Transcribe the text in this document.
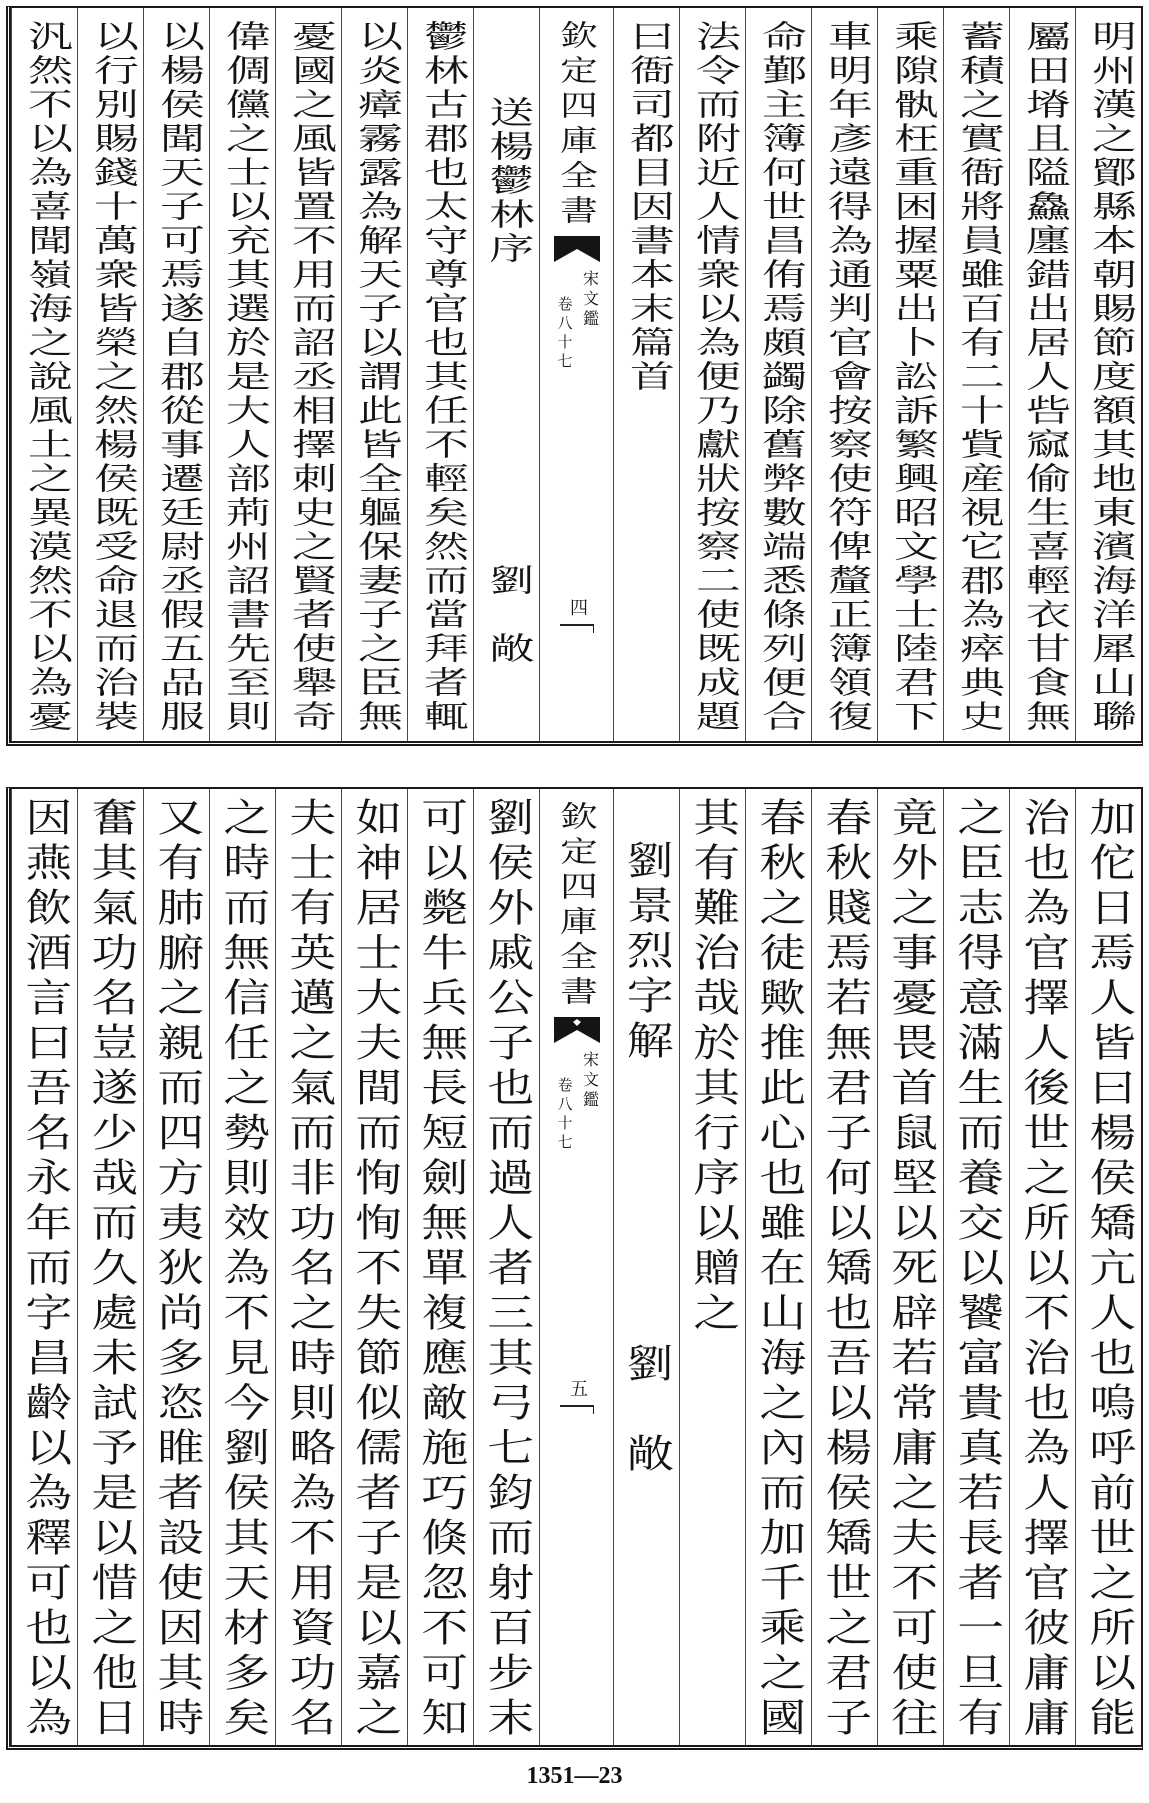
明州漢之鄮縣本朝賜節度額其地東濱海洋犀山聯
屬田塉且隘鱻廛錯出居人呰窳偷生喜輕衣甘食無
蓄積之實衙將員雖百有二十貲産視它郡為瘁典史
乘隙骫枉重困握粟出卜訟訴繁興昭文學士陸君下
車明年彥遠得為通判官會按察使符俾釐正簿領復
命鄞主簿何世昌侑焉頗蠲除舊弊數端悉條列便合
法令而附近人情衆以為便乃獻狀按察二使既成題
曰衙司都目因書本末篇首
欽定四庫全書
宋文鑑
卷八十七
四
送楊鬱林序
劉　敞
鬱林古郡也太守尊官也其任不輕矣然而當拜者輒
以炎瘴霧露為解天子以謂此皆全軀保妻子之臣無
憂國之風皆置不用而詔丞相擇刺史之賢者使舉奇
偉倜儻之士以充其選於是大人部荊州詔書先至則
以楊侯聞天子可焉遂自郡從事遷廷尉丞假五品服
以行別賜錢十萬衆皆榮之然楊侯既受命退而治裝
汎然不以為喜聞嶺海之說風土之異漠然不以為憂
加佗日焉人皆曰楊侯矯亢人也嗚呼前世之所以能
治也為官擇人後世之所以不治也為人擇官彼庸庸
之臣志得意滿生而養交以饕富貴真若長者一旦有
竟外之事憂畏首鼠堅以死辟若常庸之夫不可使往
春秋賤焉若無君子何以矯也吾以楊侯矯世之君子
春秋之徒歟推此心也雖在山海之內而加千乘之國
其有難治哉於其行序以贈之
劉景烈字解
劉　敞
欽定四庫全書
宋文鑑
卷八十七
五
劉侯外戚公子也而過人者三其弓七鈞而射百步末
可以斃牛兵無長短劍無單複應敵施巧倏忽不可知
如神居士大夫間而恂恂不失節似儒者子是以嘉之
夫士有英邁之氣而非功名之時則略為不用資功名
之時而無信任之勢則效為不見今劉侯其天材多矣
又有肺腑之親而四方夷狄尚多恣睢者設使因其時
奮其氣功名豈遂少哉而久處未試予是以惜之他日
因燕飲酒言曰吾名永年而字昌齡以為釋可也以為
1351—23
